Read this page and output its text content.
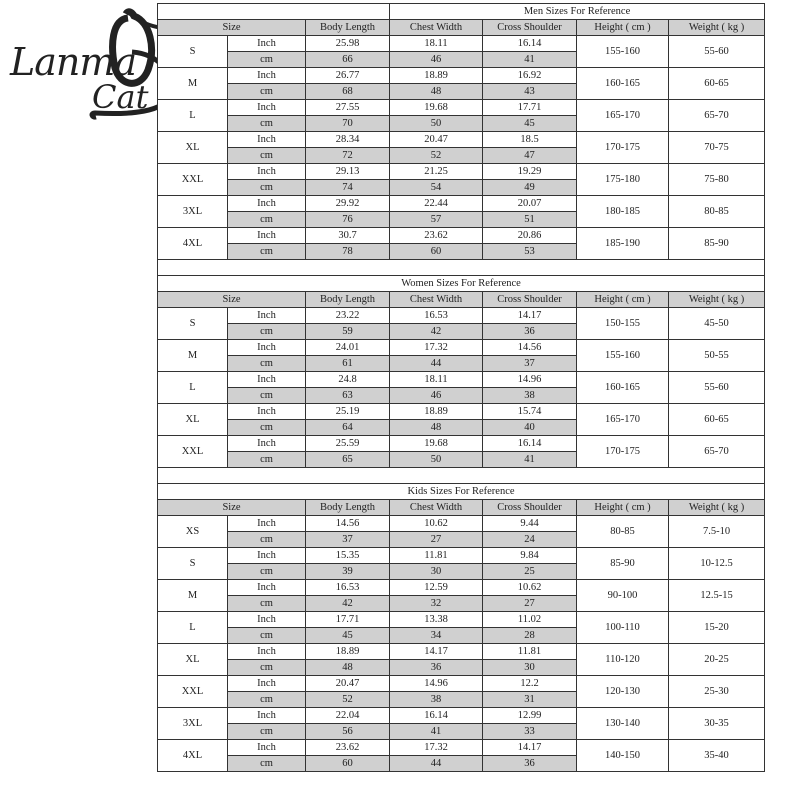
Lanma
Cat
			Men Sizes For Reference			
Size		Body Length	Chest Width	Cross Shoulder	Height ( cm )	Weight ( kg )
S	Inch	25.98	18.11	16.14	155-160	55-60
	cm	66	46	41		
M	Inch	26.77	18.89	16.92	160-165	60-65
	cm	68	48	43		
L	Inch	27.55	19.68	17.71	165-170	65-70
	cm	70	50	45		
XL	Inch	28.34	20.47	18.5	170-175	70-75
	cm	72	52	47		
XXL	Inch	29.13	21.25	19.29	175-180	75-80
	cm	74	54	49		
3XL	Inch	29.92	22.44	20.07	180-185	80-85
	cm	76	57	51		
4XL	Inch	30.7	23.62	20.86	185-190	85-90
	cm	78	60	53		

Women Sizes For Reference						
Size		Body Length	Chest Width	Cross Shoulder	Height ( cm )	Weight ( kg )
S	Inch	23.22	16.53	14.17	150-155	45-50
	cm	59	42	36		
M	Inch	24.01	17.32	14.56	155-160	50-55
	cm	61	44	37		
L	Inch	24.8	18.11	14.96	160-165	55-60
	cm	63	46	38		
XL	Inch	25.19	18.89	15.74	165-170	60-65
	cm	64	48	40		
XXL	Inch	25.59	19.68	16.14	170-175	65-70
	cm	65	50	41		

Kids Sizes For Reference						
Size		Body Length	Chest Width	Cross Shoulder	Height ( cm )	Weight ( kg )
XS	Inch	14.56	10.62	9.44	80-85	7.5-10
	cm	37	27	24		
S	Inch	15.35	11.81	9.84	85-90	10-12.5
	cm	39	30	25		
M	Inch	16.53	12.59	10.62	90-100	12.5-15
	cm	42	32	27		
L	Inch	17.71	13.38	11.02	100-110	15-20
	cm	45	34	28		
XL	Inch	18.89	14.17	11.81	110-120	20-25
	cm	48	36	30		
XXL	Inch	20.47	14.96	12.2	120-130	25-30
	cm	52	38	31		
3XL	Inch	22.04	16.14	12.99	130-140	30-35
	cm	56	41	33		
4XL	Inch	23.62	17.32	14.17	140-150	35-40
	cm	60	44	36		
